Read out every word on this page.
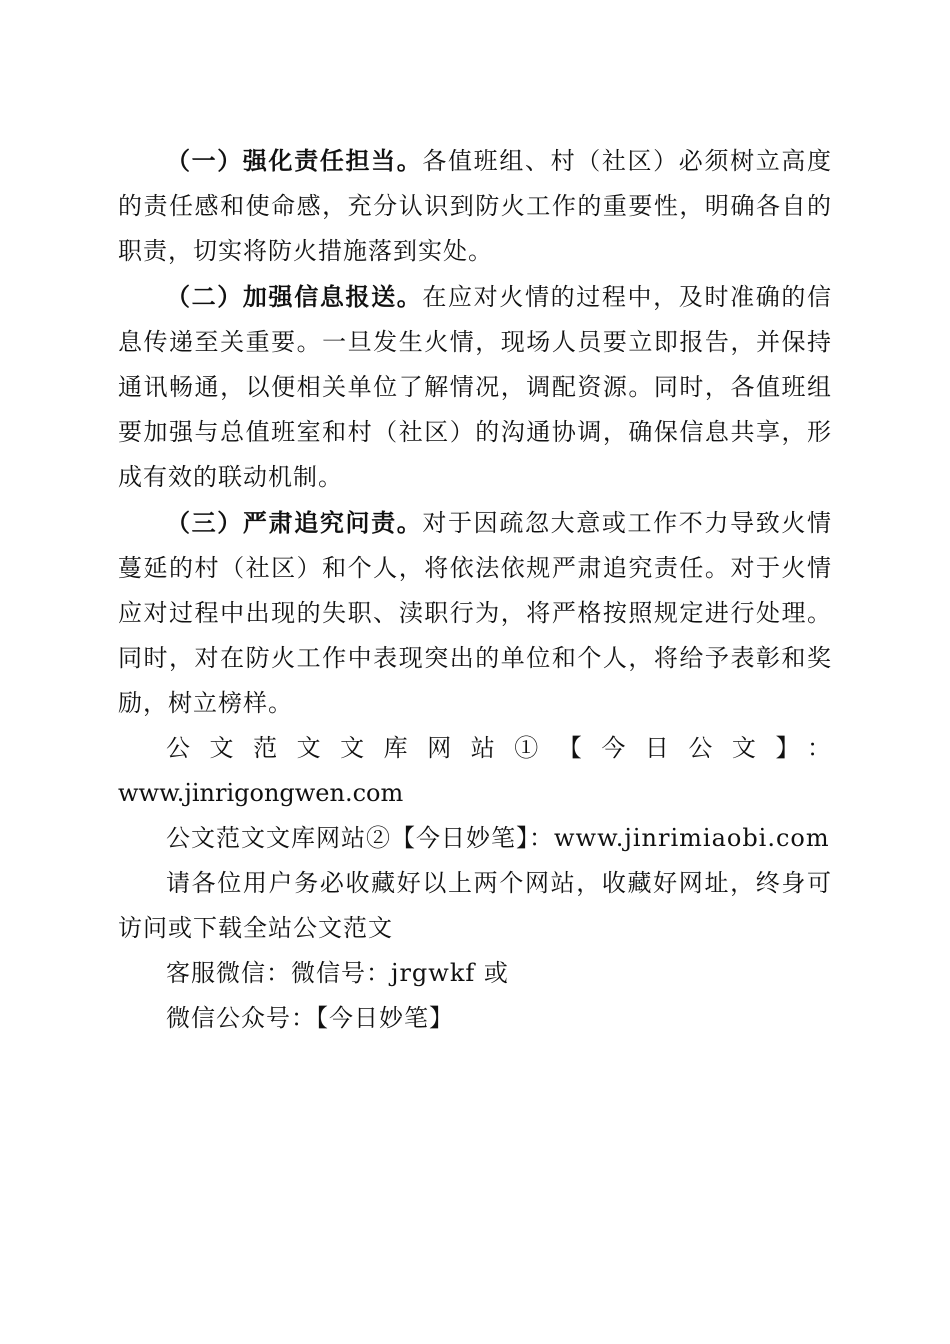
（一）强化责任担当。各值班组、村（社区）必须树立高度的责任感和使命感，充分认识到防火工作的重要性，明确各自的职责，切实将防火措施落到实处。

（二）加强信息报送。在应对火情的过程中，及时准确的信息传递至关重要。一旦发生火情，现场人员要立即报告，并保持通讯畅通，以便相关单位了解情况，调配资源。同时，各值班组要加强与总值班室和村（社区）的沟通协调，确保信息共享，形成有效的联动机制。

（三）严肃追究问责。对于因疏忽大意或工作不力导致火情蔓延的村（社区）和个人，将依法依规严肃追究责任。对于火情应对过程中出现的失职、渎职行为，将严格按照规定进行处理。同时，对在防火工作中表现突出的单位和个人，将给予表彰和奖励，树立榜样。

公文范文文库网站①【今日公文】：

www.jinrigongwen.com

公文范文文库网站②【今日妙笔】：www.jinrimiaobi.com

请各位用户务必收藏好以上两个网站，收藏好网址，终身可访问或下载全站公文范文

客服微信：微信号：jrgwkf 或

微信公众号：【今日妙笔】
